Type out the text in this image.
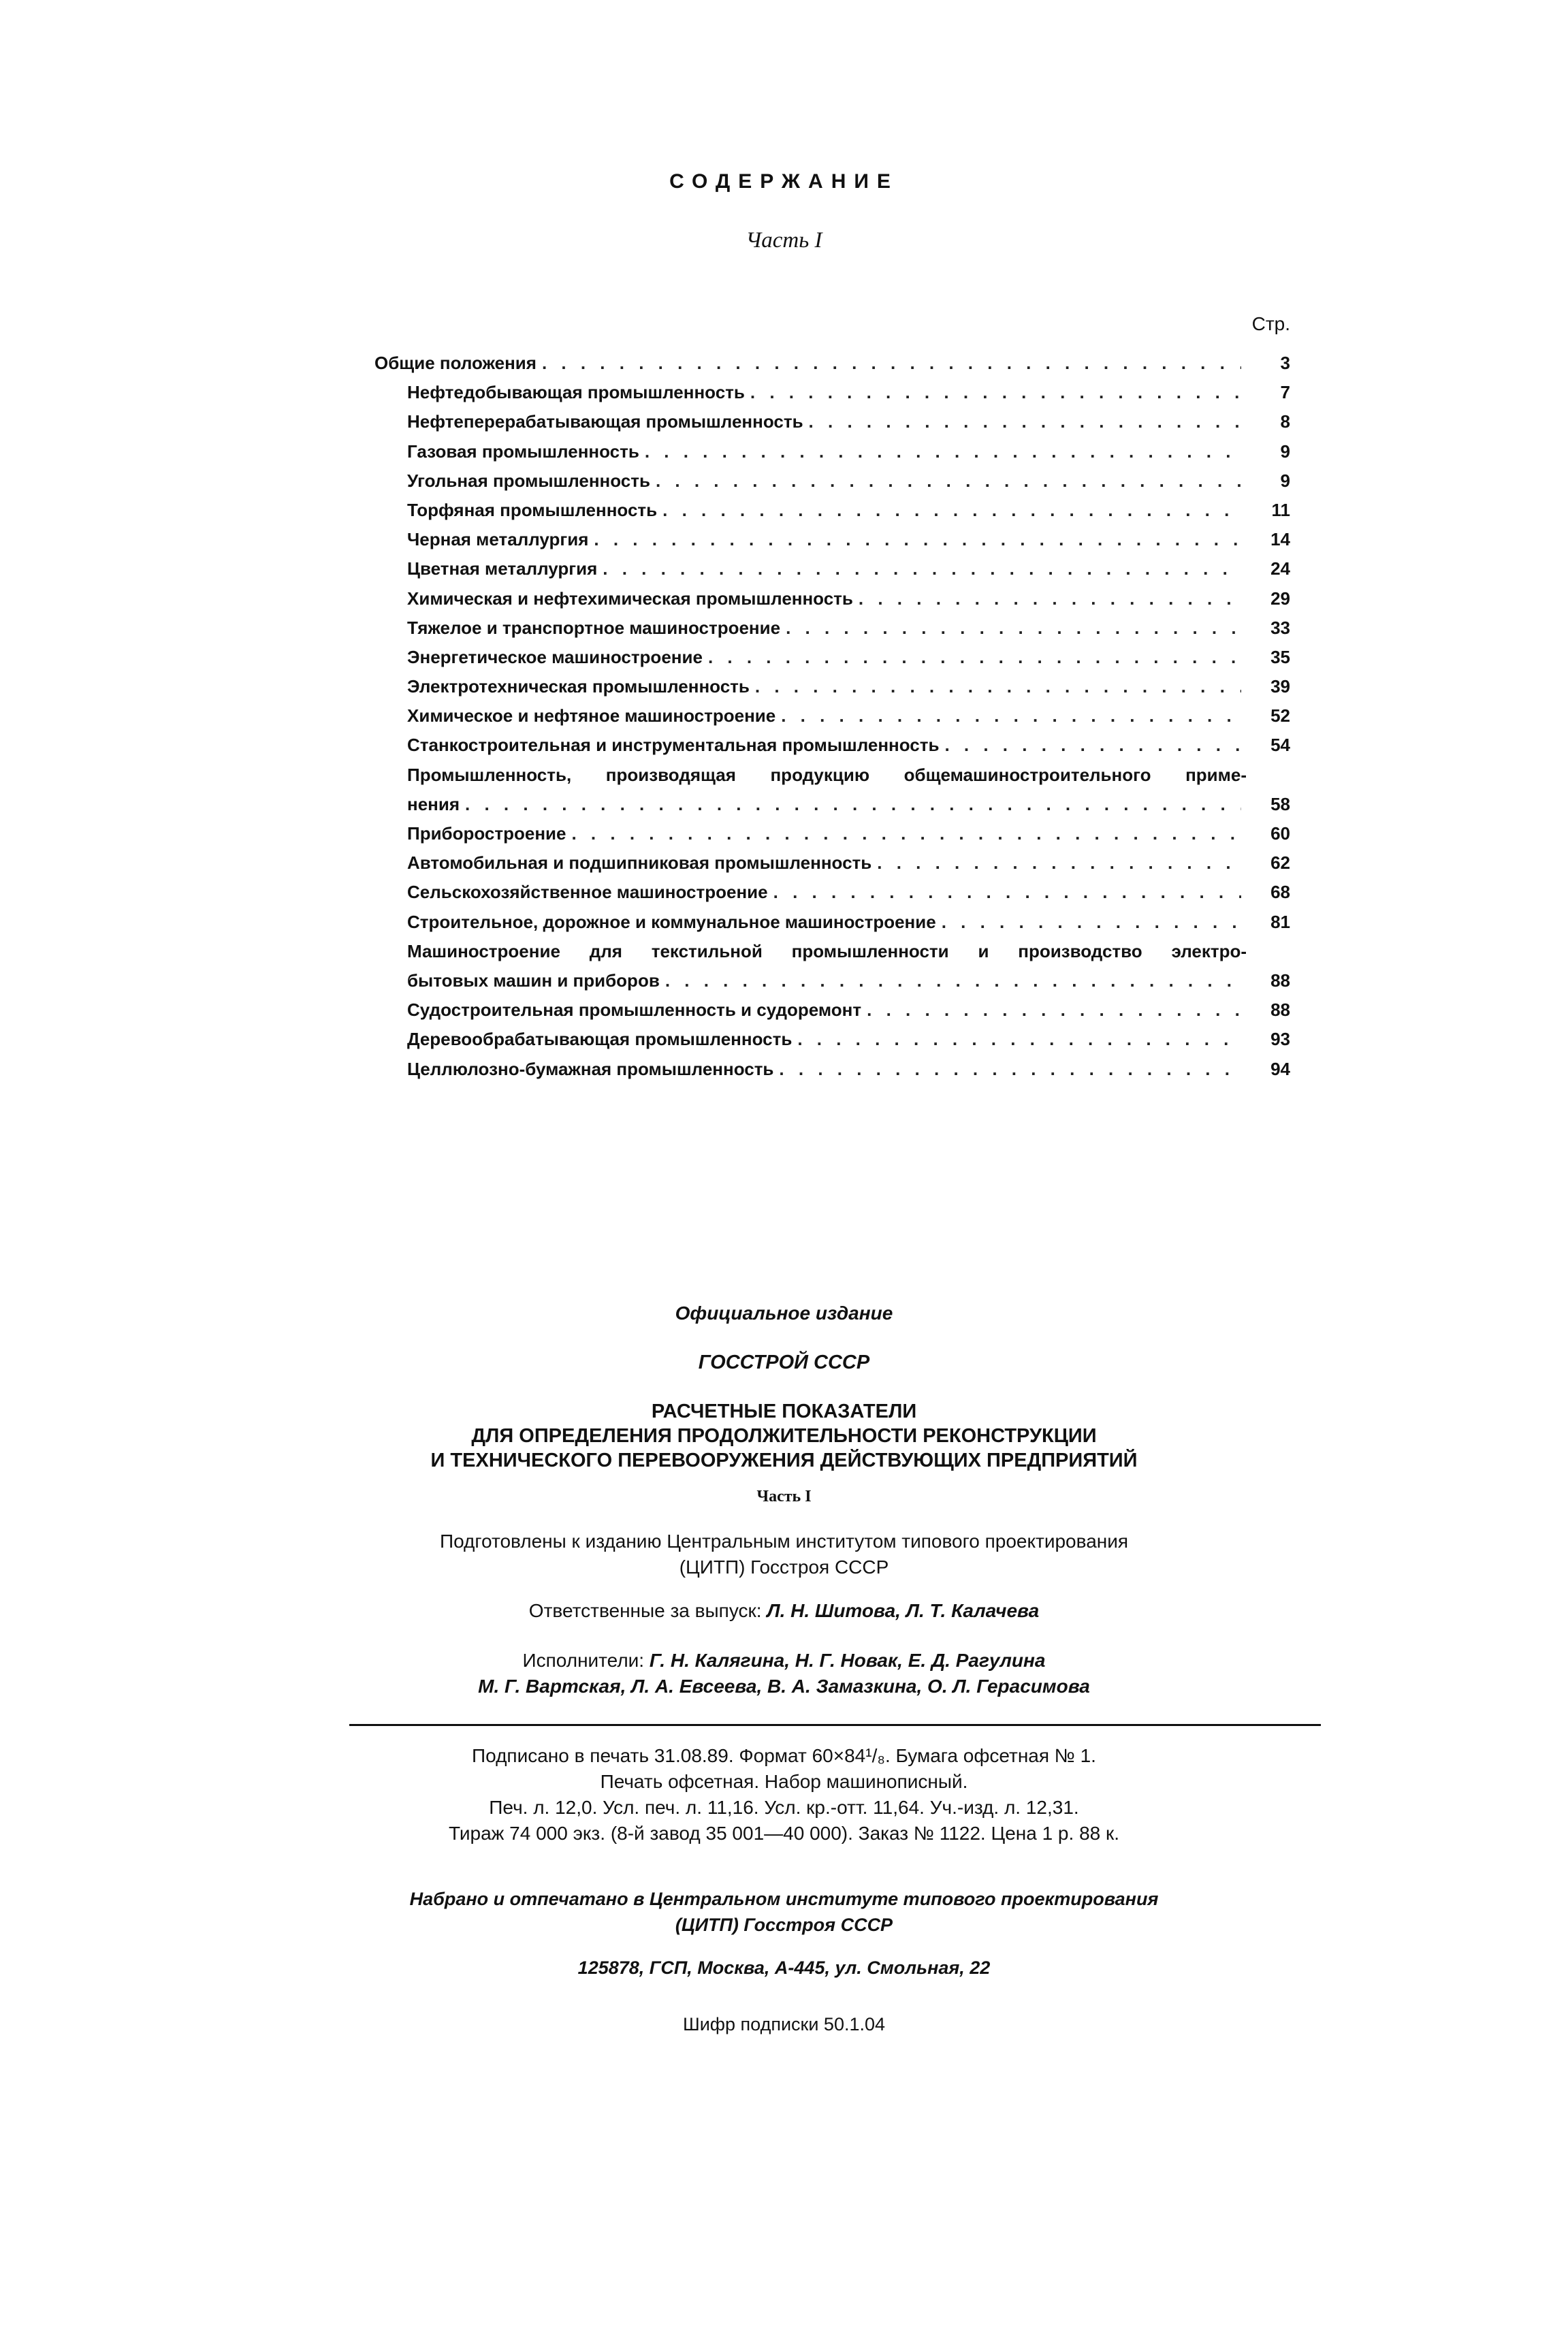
СОДЕРЖАНИЕ
Часть I
Стр.
Общие положения . . .	3
Нефтедобывающая промышленность . . .	7
Нефтеперерабатывающая промышленность . . .	8
Газовая промышленность . . .	9
Угольная промышленность . . .	9
Торфяная промышленность . . .	11
Черная металлургия . . .	14
Цветная металлургия . . .	24
Химическая и нефтехимическая промышленность . . .	29
Тяжелое и транспортное машиностроение . . .	33
Энергетическое машиностроение . . .	35
Электротехническая промышленность . . .	39
Химическое и нефтяное машиностроение . . .	52
Станкостроительная и инструментальная промышленность . . .	54
Промышленность, производящая продукцию общемашиностроительного приме-
нения . . .	58
Приборостроение . . .	60
Автомобильная и подшипниковая промышленность . . .	62
Сельскохозяйственное машиностроение . . .	68
Строительное, дорожное и коммунальное машиностроение . . .	81
Машиностроение для текстильной промышленности и производство электро-
бытовых машин и приборов . . .	88
Судостроительная промышленность и судоремонт . . .	88
Деревообрабатывающая промышленность . . .	93
Целлюлозно-бумажная промышленность . . .	94
Официальное издание
ГОССТРОЙ СССР
РАСЧЕТНЫЕ ПОКАЗАТЕЛИ
ДЛЯ ОПРЕДЕЛЕНИЯ ПРОДОЛЖИТЕЛЬНОСТИ РЕКОНСТРУКЦИИ
И ТЕХНИЧЕСКОГО ПЕРЕВООРУЖЕНИЯ ДЕЙСТВУЮЩИХ ПРЕДПРИЯТИЙ
Часть I
Подготовлены к изданию Центральным институтом типового проектирования
(ЦИТП) Госстроя СССР
Ответственные за выпуск: Л. Н. Шитова, Л. Т. Калачева
Исполнители: Г. Н. Калягина, Н. Г. Новак, Е. Д. Рагулина
М. Г. Вартская, Л. А. Евсеева, В. А. Замазкина, О. Л. Герасимова
Подписано в печать 31.08.89. Формат 60×84¹/₈. Бумага офсетная № 1.
Печать офсетная. Набор машинописный.
Печ. л. 12,0. Усл. печ. л. 11,16. Усл. кр.-отт. 11,64. Уч.-изд. л. 12,31.
Тираж 74 000 экз. (8-й завод 35 001—40 000). Заказ № 1122. Цена 1 р. 88 к.
Набрано и отпечатано в Центральном институте типового проектирования
(ЦИТП) Госстроя СССР
125878, ГСП, Москва, А-445, ул. Смольная, 22
Шифр подписки 50.1.04
